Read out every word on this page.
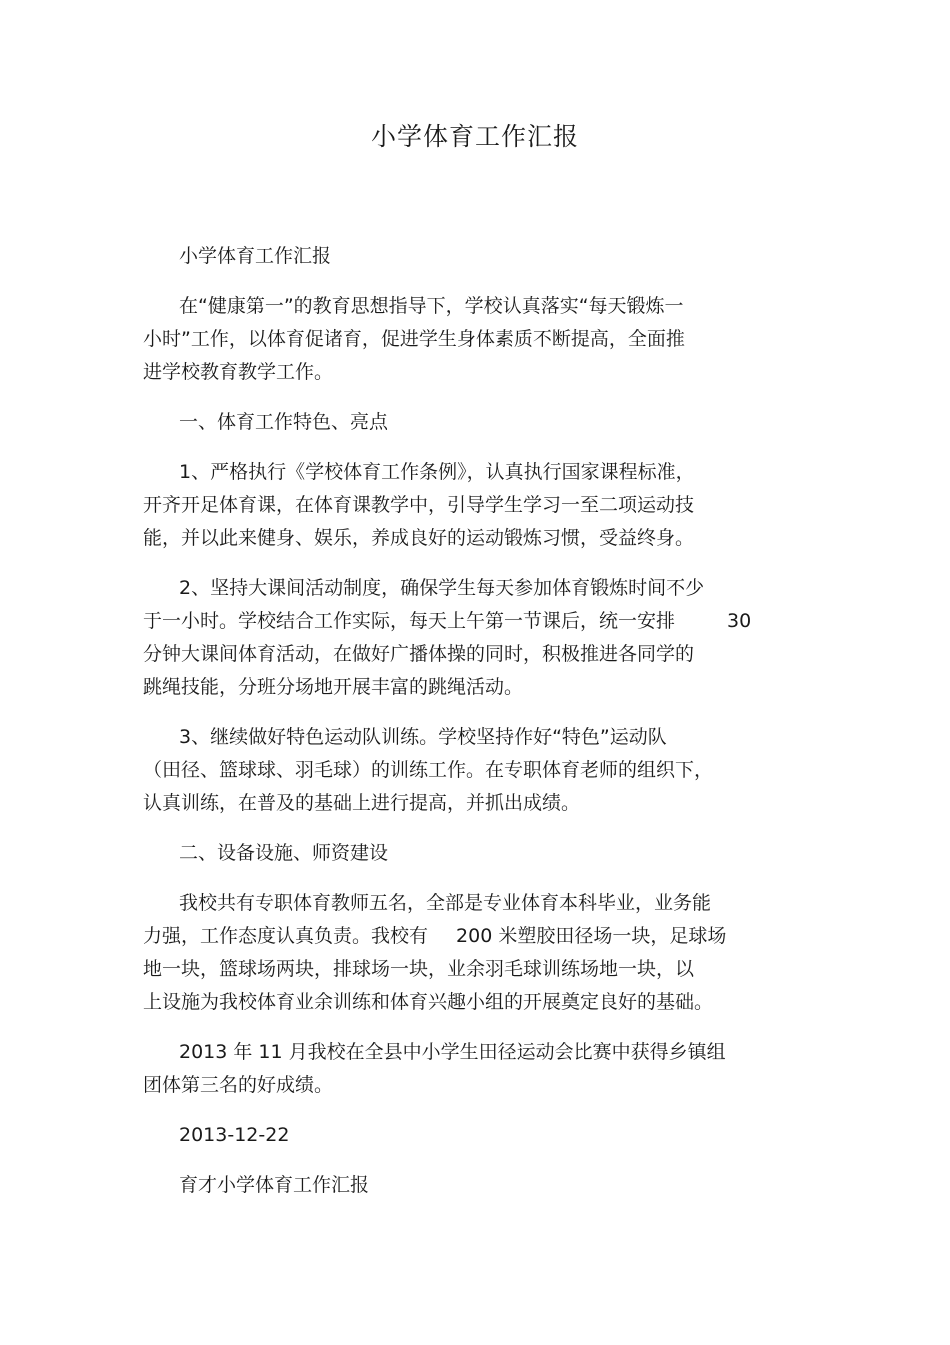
小学体育工作汇报

小学体育工作汇报

在“健康第一”的教育思想指导下，学校认真落实“每天锻炼一
小时”工作，以体育促诸育，促进学生身体素质不断提高，全面推
进学校教育教学工作。

一、体育工作特色、亮点

1、严格执行《学校体育工作条例》，认真执行国家课程标准，
开齐开足体育课，在体育课教学中，引导学生学习一至二项运动技
能，并以此来健身、娱乐，养成良好的运动锻炼习惯，受益终身。

2、坚持大课间活动制度，确保学生每天参加体育锻炼时间不少
于一小时。学校结合工作实际，每天上午第一节课后，统一安排	30
分钟大课间体育活动，在做好广播体操的同时，积极推进各同学的
跳绳技能，分班分场地开展丰富的跳绳活动。

3、继续做好特色运动队训练。学校坚持作好“特色”运动队
（田径、篮球球、羽毛球）的训练工作。在专职体育老师的组织下，
认真训练，在普及的基础上进行提高，并抓出成绩。

二、设备设施、师资建设

我校共有专职体育教师五名，全部是专业体育本科毕业，业务能
力强，工作态度认真负责。我校有 200 米塑胶田径场一块，足球场
地一块，篮球场两块，排球场一块，业余羽毛球训练场地一块，以
上设施为我校体育业余训练和体育兴趣小组的开展奠定良好的基础。

2013 年 11 月我校在全县中小学生田径运动会比赛中获得乡镇组
团体第三名的好成绩。

2013-12-22

育才小学体育工作汇报
